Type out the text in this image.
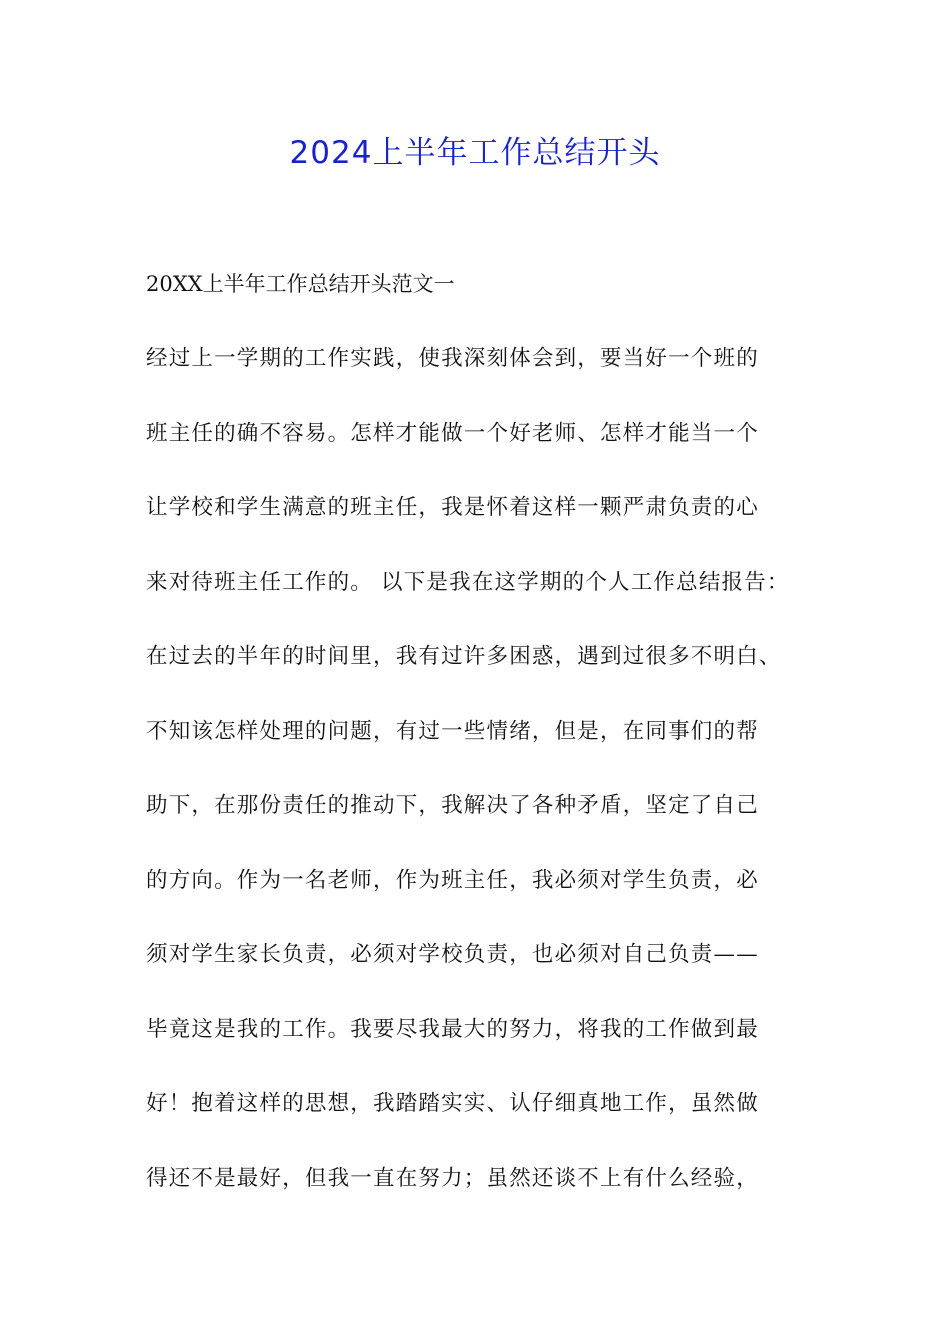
2024上半年工作总结开头
20XX上半年工作总结开头范文一
经过上一学期的工作实践，使我深刻体会到，要当好一个班的
班主任的确不容易。怎样才能做一个好老师、怎样才能当一个
让学校和学生满意的班主任，我是怀着这样一颗严肃负责的心
来对待班主任工作的。 以下是我在这学期的个人工作总结报告：
在过去的半年的时间里，我有过许多困惑，遇到过很多不明白、
不知该怎样处理的问题，有过一些情绪，但是，在同事们的帮
助下，在那份责任的推动下，我解决了各种矛盾，坚定了自己
的方向。作为一名老师，作为班主任，我必须对学生负责，必
须对学生家长负责，必须对学校负责，也必须对自己负责——
毕竟这是我的工作。我要尽我最大的努力，将我的工作做到最
好！抱着这样的思想，我踏踏实实、认仔细真地工作，虽然做
得还不是最好，但我一直在努力；虽然还谈不上有什么经验，
